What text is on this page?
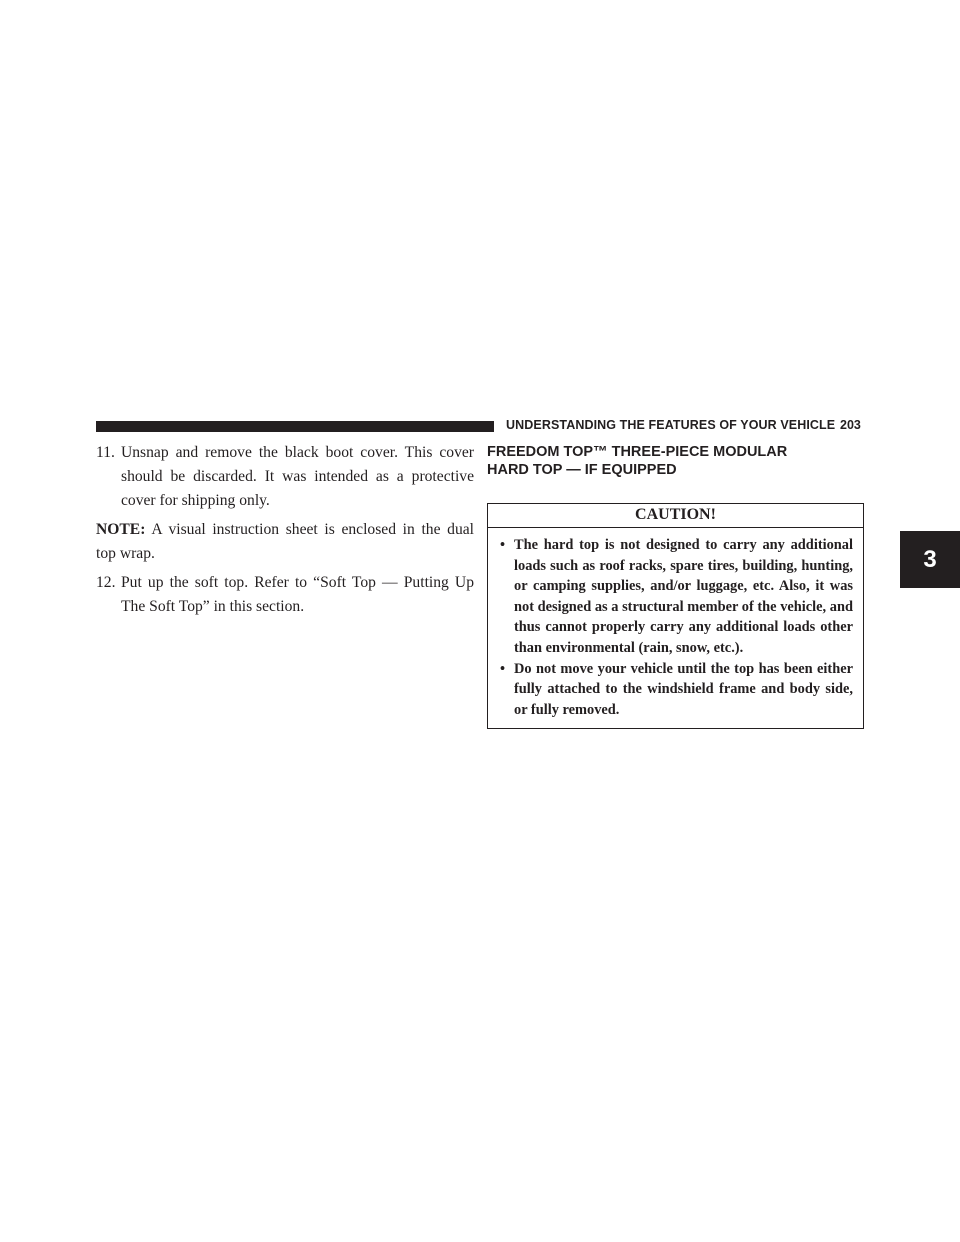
UNDERSTANDING THE FEATURES OF YOUR VEHICLE 203
3
11. Unsnap and remove the black boot cover. This cover should be discarded. It was intended as a protective cover for shipping only.
NOTE: A visual instruction sheet is enclosed in the dual top wrap.
12. Put up the soft top. Refer to “Soft Top — Putting Up The Soft Top” in this section.
FREEDOM TOP™ THREE-PIECE MODULAR
HARD TOP — IF EQUIPPED
CAUTION!
• The hard top is not designed to carry any additional loads such as roof racks, spare tires, building, hunting, or camping supplies, and/or luggage, etc. Also, it was not designed as a structural member of the vehicle, and thus cannot properly carry any additional loads other than environmental (rain, snow, etc.).
• Do not move your vehicle until the top has been either fully attached to the windshield frame and body side, or fully removed.
